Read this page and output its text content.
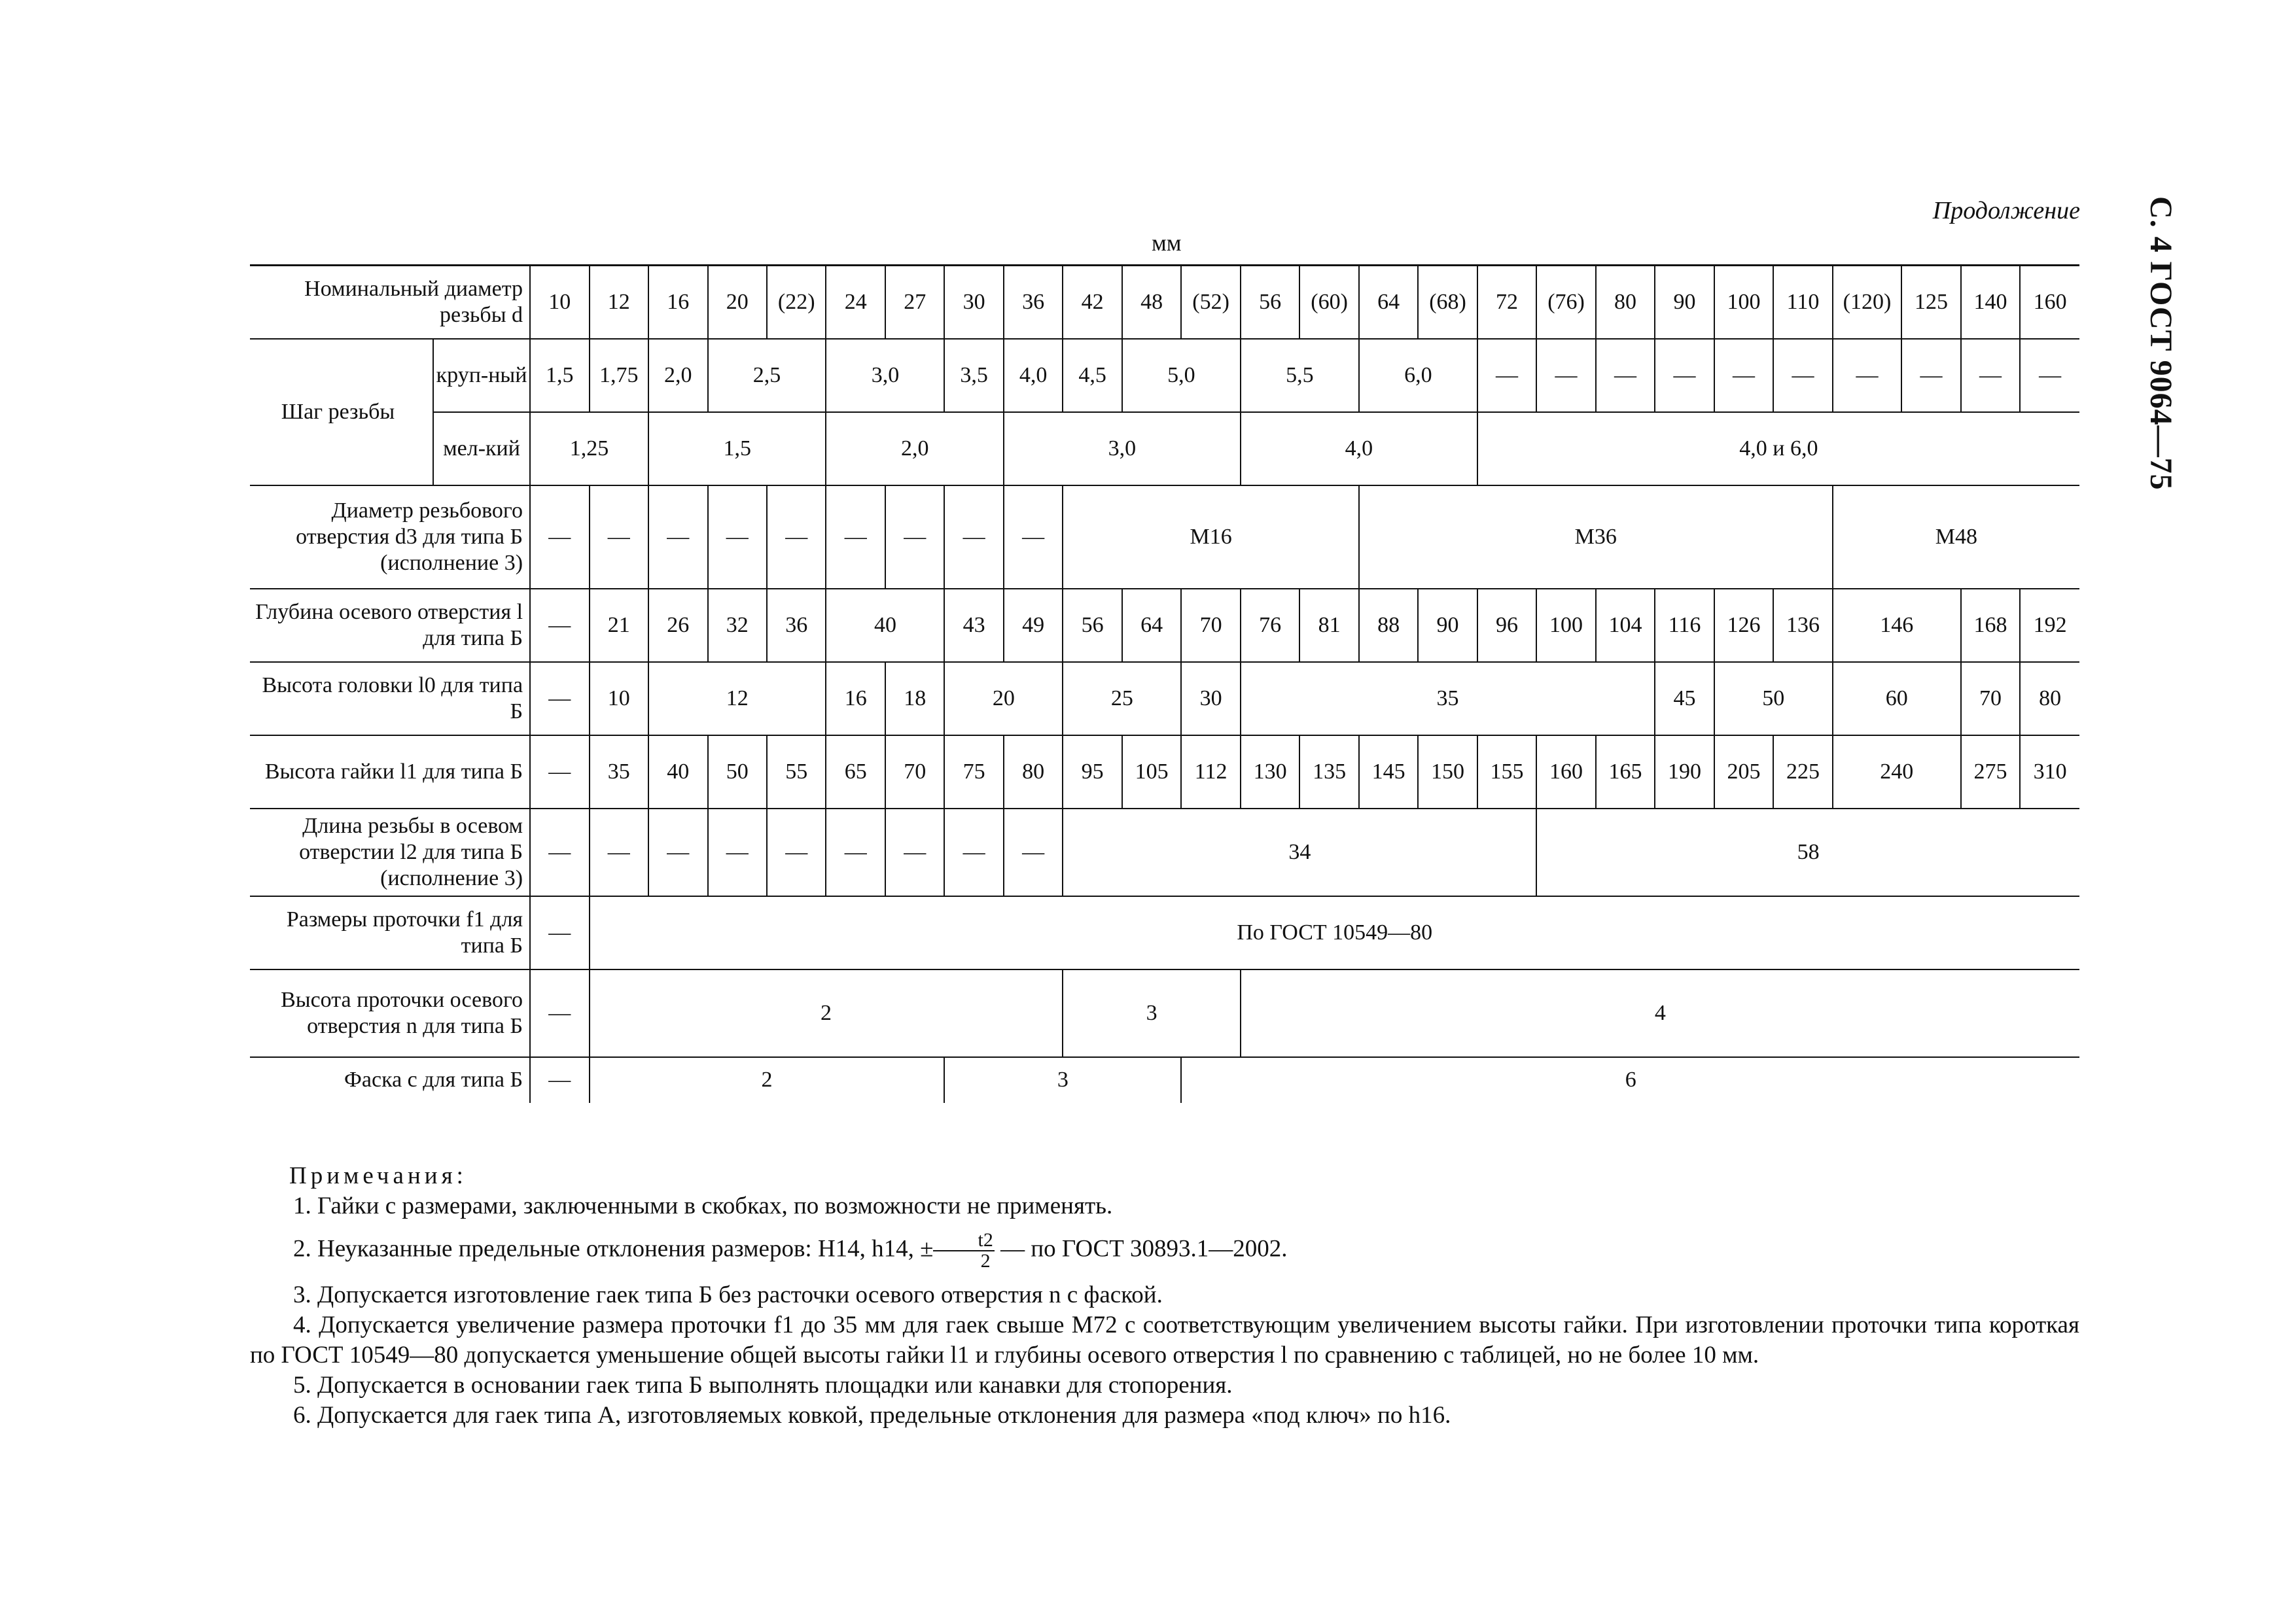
С. 4 ГОСТ 9064—75
Продолжение
мм
Номинальный диаметр резьбы d		10	12	16	20	(22)	24	27	30	36	42	48	(52)	56	(60)	64	(68)	72	(76)	80	90	100	110	(120)	125	140	160
Шаг резьбы	круп-ный	1,5	1,75	2,0	2,5		3,0		3,5	4,0	4,5	5,0		5,5		6,0		—	—	—	—	—	—	—	—	—	—
	мел-кий	1,25		1,5			2,0			3,0				4,0				4,0 и 6,0									
Диаметр резьбового отверстия d3 для типа Б (исполнение 3)		—	—	—	—	—	—	—	—	—	М16					М36								М48			
Глубина осевого отверстия l для типа Б		—	21	26	32	36	40		43	49	56	64	70	76	81	88	90	96	100	104	116	126	136	146		168	192
Высота головки l0 для типа Б		—	10	12			16	18	20		25		30	35							45	50		60		70	80
Высота гайки l1 для типа Б		—	35	40	50	55	65	70	75	80	95	105	112	130	135	145	150	155	160	165	190	205	225	240		275	310
Длина резьбы в осевом отверстии l2 для типа Б (исполнение 3)		—	—	—	—	—	—	—	—	—	34								58								
Размеры проточки f1 для типа Б		—	По ГОСТ 10549—80																								
Высота проточки осевого отверстия n для типа Б		—	2								3			4													
Фаска c для типа Б		—	2						3				6														
Примечания:

1. Гайки с размерами, заключенными в скобках, по возможности не применять.

2. Неуказанные предельные отклонения размеров: H14, h14, ± $\frac{t2}{2}$ — по ГОСТ 30893.1—2002.

3. Допускается изготовление гаек типа Б без расточки осевого отверстия n с фаской.

4. Допускается увеличение размера проточки f1 до 35 мм для гаек свыше М72 с соответствующим увеличением высоты гайки. При изготовлении проточки типа короткая по ГОСТ 10549—80 допускается уменьшение общей высоты гайки l1 и глубины осевого отверстия l по сравнению с таблицей, но не более 10 мм.

5. Допускается в основании гаек типа Б выполнять площадки или канавки для стопорения.

6. Допускается для гаек типа А, изготовляемых ковкой, предельные отклонения для размера «под ключ» по h16.
